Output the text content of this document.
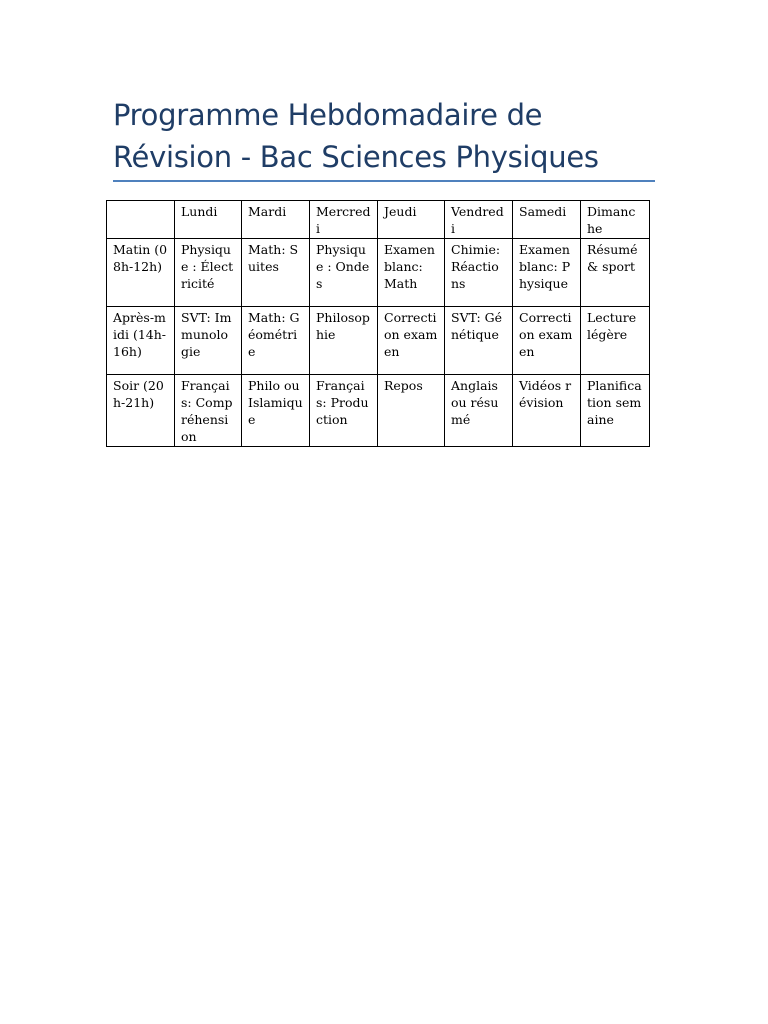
Programme Hebdomadaire de Révision - Bac Sciences Physiques
	Lundi	Mardi	Mercredi	Jeudi	Vendredi	Samedi	Dimanche
Matin (08h-12h)	Physique : Électricité	Math: Suites	Physique : Ondes	Examen blanc: Math	Chimie: Réactions	Examen blanc: Physique	Résumé & sport
Après-midi (14h-16h)	SVT: Immunologie	Math: Géométrie	Philosophie	Correction examen	SVT: Génétique	Correction examen	Lecture légère
Soir (20h-21h)	Français: Compréhension	Philo ou Islamique	Français: Production	Repos	Anglais ou résumé	Vidéos révision	Planification semaine
